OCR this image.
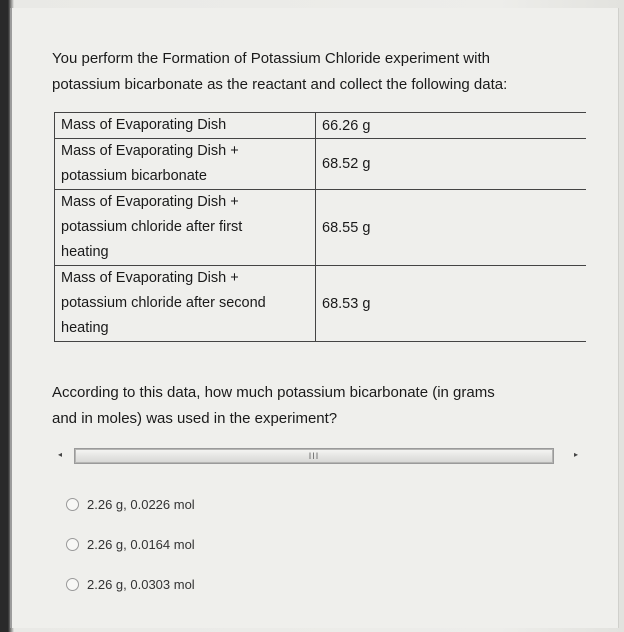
You perform the Formation of Potassium Chloride experiment with
potassium bicarbonate as the reactant and collect the following data:
Mass of Evaporating Dish	66.26 g

Mass of Evaporating Dish +
potassium bicarbonate	68.52 g

Mass of Evaporating Dish +
potassium chloride after first
heating	68.55 g

Mass of Evaporating Dish +
potassium chloride after second
heating	68.53 g
According to this data, how much potassium bicarbonate (in grams
and in moles) was used in the experiment?
◂	III	▸
2.26 g, 0.0226 mol
2.26 g, 0.0164 mol
2.26 g, 0.0303 mol
